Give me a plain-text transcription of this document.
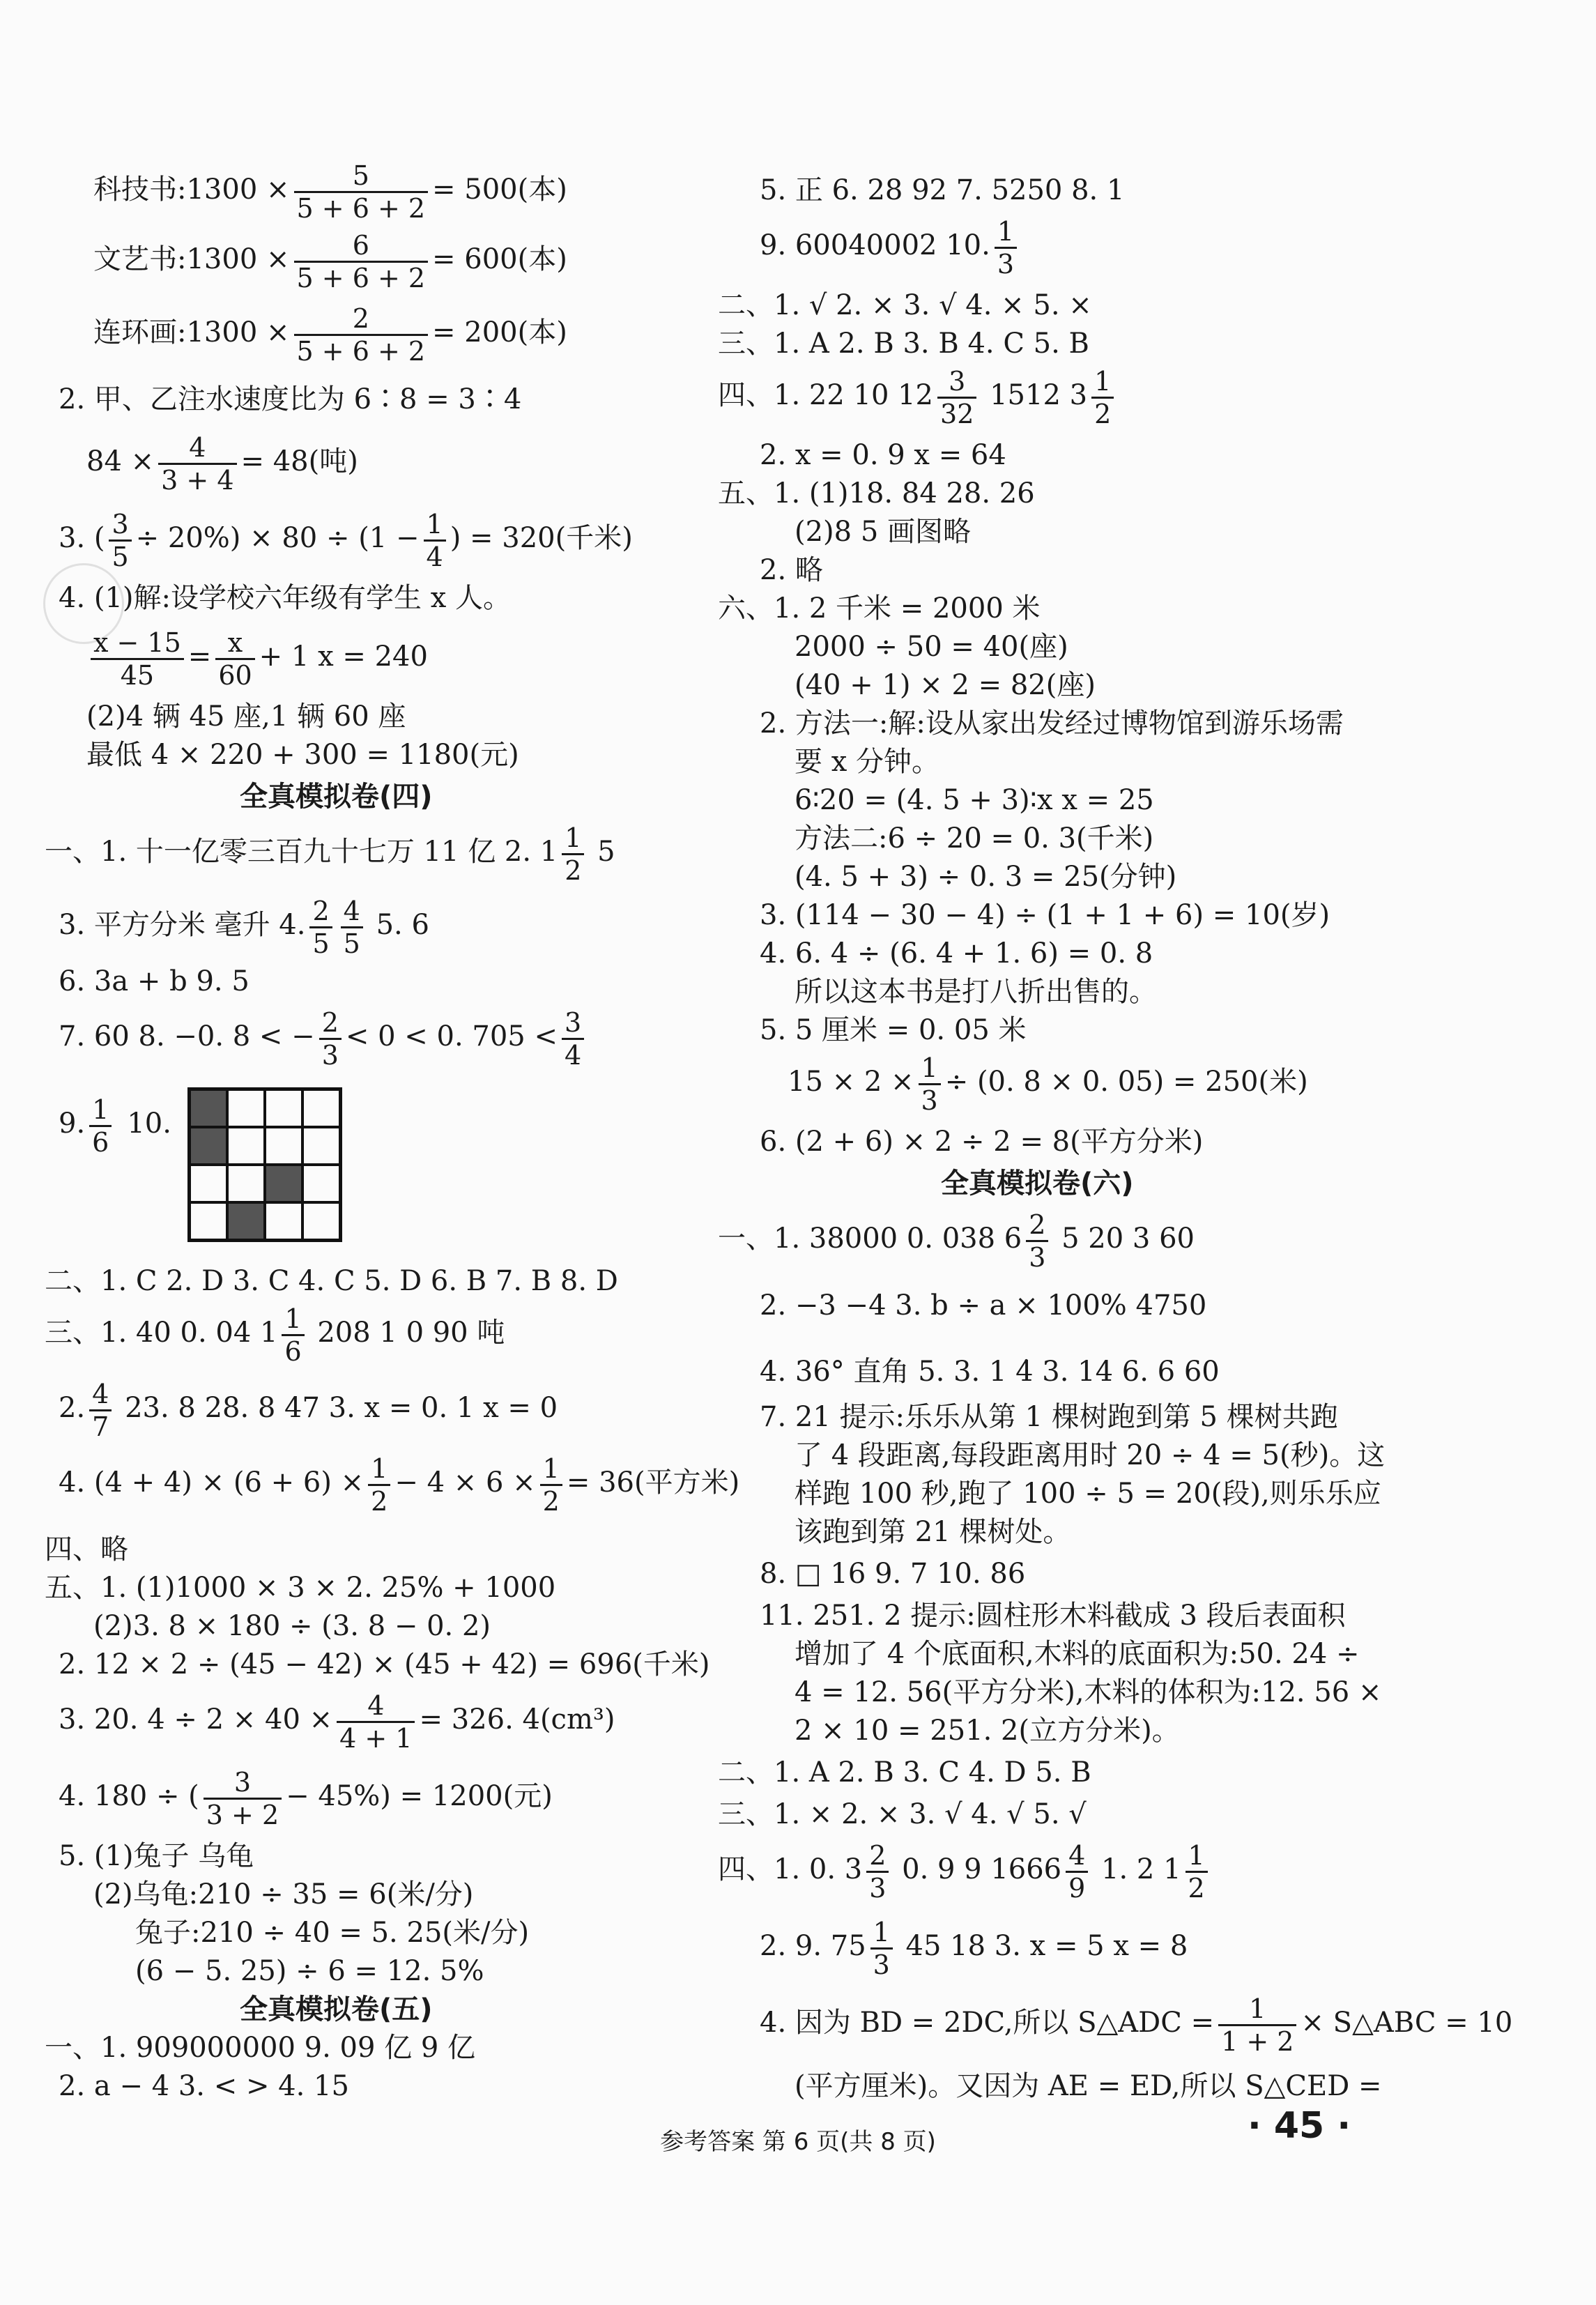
科技书:1300 × $\frac{5}{5 + 6 + 2} = 500$(本)
文艺书:1300 × $\frac{6}{5 + 6 + 2} = 600$(本)
连环画:1300 × $\frac{2}{5 + 6 + 2} = 200$(本)
2. 甲、乙注水速度比为 6∶8 = 3∶4
$84 \times \frac{4}{3 + 4} = 48$(吨)
3. ( $\frac{3}{5} \div 20\%) \times 80 \div (1 - \frac{1}{4}$ ) = 320(千米)
4. (1)解:设学校六年级有学生 x 人。
$\frac{x - 15}{45} = \frac{x}{60} + 1$ x = 240
(2)4 辆 45 座,1 辆 60 座
最低 4 × 220 + 300 = 1180(元)
全真模拟卷(四)
一、1. 十一亿零三百九十七万 11 亿 2. $1 \frac{1}{2} 5$
3. 平方分米 毫升 4. $\frac{2}{5} \frac{4}{5} 5$. 6
6. 3a + b 9. 5
7. 60 8. −0. 8 < − $\frac{2}{3} < 0 < 0$. $705 < \frac{3}{4}$
9. $\frac{1}{6} 10$.
二、1. C 2. D 3. C 4. C 5. D 6. B 7. B 8. D
三、1. 40 0. 04 $1 \frac{1}{6} 208$ 1 0 90 吨
2. $\frac{4}{7} 23$. 8 28. 8 47 3. x = 0. 1 x = 0
4. $(4 + 4) \times (6 + 6) \times \frac{1}{2} - 4 \times 6 \times \frac{1}{2} = 36$(平方米)
四、略
五、1. (1)1000 × 3 × 2. 25% + 1000
(2)3. 8 × 180 ÷ (3. 8 − 0. 2)
2. 12 × 2 ÷ (45 − 42) × (45 + 42) = 696(千米)
3. 20. $4 \div 2 \times 40 \times \frac{4}{4 + 1} = 326$. 4(cm³)
4. 180 ÷ ( $\frac{3}{3 + 2} - 45\%) = 1200$(元)
5. (1)兔子 乌龟
(2)乌龟:210 ÷ 35 = 6(米/分)
兔子:210 ÷ 40 = 5. 25(米/分)
(6 − 5. 25) ÷ 6 = 12. 5%
全真模拟卷(五)
一、1. 909000000 9. 09 亿 9 亿
2. a − 4 3. < > 4. 15
5. 正 6. 28 92 7. 5250 8. 1
9. 60040002 10. $\frac{1}{3}$
二、1. √ 2. × 3. √ 4. × 5. ×
三、1. A 2. B 3. B 4. C 5. B
四、1. 22 10 $12 \frac{3}{32} 1512$ $3 \frac{1}{2}$
2. x = 0. 9 x = 64
五、1. (1)18. 84 28. 26
(2)8 5 画图略
2. 略
六、1. 2 千米 = 2000 米
2000 ÷ 50 = 40(座)
(40 + 1) × 2 = 82(座)
2. 方法一:解:设从家出发经过博物馆到游乐场需
要 x 分钟。
6∶20 = (4. 5 + 3)∶x x = 25
方法二:6 ÷ 20 = 0. 3(千米)
(4. 5 + 3) ÷ 0. 3 = 25(分钟)
3. (114 − 30 − 4) ÷ (1 + 1 + 6) = 10(岁)
4. 6. 4 ÷ (6. 4 + 1. 6) = 0. 8
所以这本书是打八折出售的。
5. 5 厘米 = 0. 05 米
$15 \times 2 \times \frac{1}{3} \div (0$. 8 × 0. 05) = 250(米)
6. (2 + 6) × 2 ÷ 2 = 8(平方分米)
全真模拟卷(六)
一、1. 38000 0. 038 $6 \frac{2}{3} 5$ 20 3 60
2. −3 −4 3. b ÷ a × 100% 4750
4. 36° 直角 5. 3. 1 4̇ 3. 14 6. 6 60
7. 21 提示:乐乐从第 1 棵树跑到第 5 棵树共跑
了 4 段距离,每段距离用时 20 ÷ 4 = 5(秒)。这
样跑 100 秒,跑了 100 ÷ 5 = 20(段),则乐乐应
该跑到第 21 棵树处。
8. □ 16 9. 7 10. 86
11. 251. 2 提示:圆柱形木料截成 3 段后表面积
增加了 4 个底面积,木料的底面积为:50. 24 ÷
4 = 12. 56(平方分米),木料的体积为:12. 56 ×
2 × 10 = 251. 2(立方分米)。
二、1. A 2. B 3. C 4. D 5. B
三、1. × 2. × 3. √ 4. √ 5. √
四、1. 0. $3 \frac{2}{3} 0$. 9 9 $1666 \frac{4}{9} 1$. 2 $1 \frac{1}{2}$
2. 9. $75 \frac{1}{3} 45$ 18 3. x = 5 x = 8
4. 因为 BD = 2DC,所以 S△ADC = $\frac{1}{1 + 2}$ × S△ABC = 10
(平方厘米)。又因为 AE = ED,所以 S△CED =
· 45 ·
参考答案 第 6 页(共 8 页)
